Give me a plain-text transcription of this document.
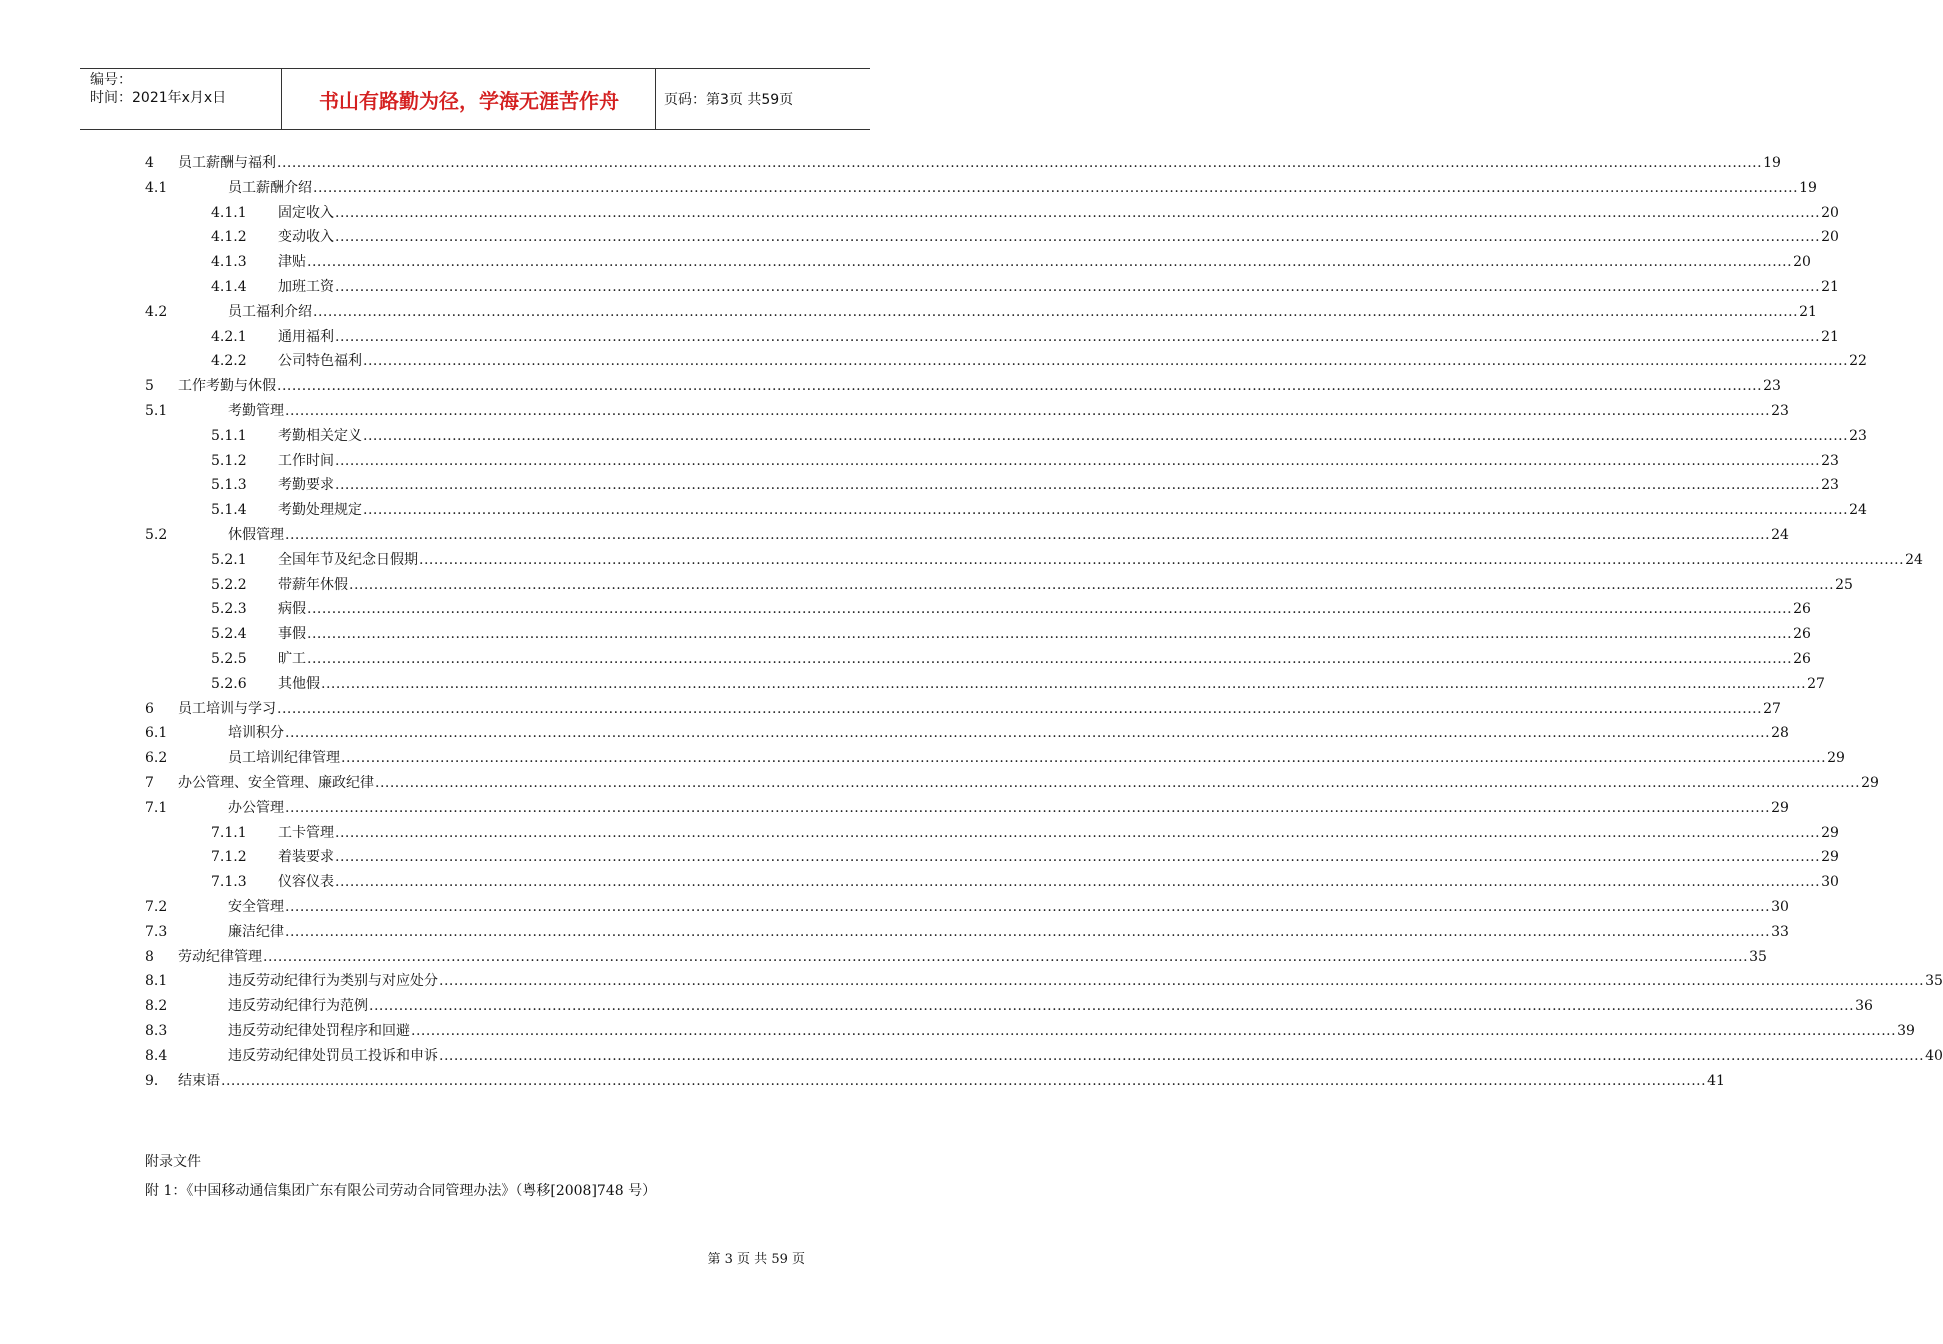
编号：
时间：2021年x月x日	书山有路勤为径，学海无涯苦作舟	页码：第3页 共59页
4 员工薪酬与福利 ............................................................................................................................................................................................................................................................................................................ 19
4.1	员工薪酬介绍 ............................................................................................................................................................................................................................................................................................................ 19
4.1.1 固定收入 ............................................................................................................................................................................................................................................................................................................ 20
4.1.2 变动收入 ............................................................................................................................................................................................................................................................................................................ 20
4.1.3 津贴 ............................................................................................................................................................................................................................................................................................................ 20
4.1.4 加班工资 ............................................................................................................................................................................................................................................................................................................ 21
4.2	员工福利介绍 ............................................................................................................................................................................................................................................................................................................ 21
4.2.1 通用福利 ............................................................................................................................................................................................................................................................................................................ 21
4.2.2 公司特色福利 ............................................................................................................................................................................................................................................................................................................ 22
5 工作考勤与休假 ............................................................................................................................................................................................................................................................................................................ 23
5.1	考勤管理 ............................................................................................................................................................................................................................................................................................................ 23
5.1.1 考勤相关定义 ............................................................................................................................................................................................................................................................................................................ 23
5.1.2 工作时间 ............................................................................................................................................................................................................................................................................................................ 23
5.1.3 考勤要求 ............................................................................................................................................................................................................................................................................................................ 23
5.1.4 考勤处理规定 ............................................................................................................................................................................................................................................................................................................ 24
5.2	休假管理 ............................................................................................................................................................................................................................................................................................................ 24
5.2.1 全国年节及纪念日假期 ............................................................................................................................................................................................................................................................................................................ 24
5.2.2 带薪年休假 ............................................................................................................................................................................................................................................................................................................ 25
5.2.3 病假 ............................................................................................................................................................................................................................................................................................................ 26
5.2.4 事假 ............................................................................................................................................................................................................................................................................................................ 26
5.2.5 旷工 ............................................................................................................................................................................................................................................................................................................ 26
5.2.6 其他假 ............................................................................................................................................................................................................................................................................................................ 27
6 员工培训与学习 ............................................................................................................................................................................................................................................................................................................ 27
6.1	培训积分 ............................................................................................................................................................................................................................................................................................................ 28
6.2	员工培训纪律管理 ............................................................................................................................................................................................................................................................................................................ 29
7 办公管理、安全管理、廉政纪律 ............................................................................................................................................................................................................................................................................................................ 29
7.1	办公管理 ............................................................................................................................................................................................................................................................................................................ 29
7.1.1 工卡管理 ............................................................................................................................................................................................................................................................................................................ 29
7.1.2 着装要求 ............................................................................................................................................................................................................................................................................................................ 29
7.1.3 仪容仪表 ............................................................................................................................................................................................................................................................................................................ 30
7.2	安全管理 ............................................................................................................................................................................................................................................................................................................ 30
7.3	廉洁纪律 ............................................................................................................................................................................................................................................................................................................ 33
8 劳动纪律管理 ............................................................................................................................................................................................................................................................................................................ 35
8.1	违反劳动纪律行为类别与对应处分 ............................................................................................................................................................................................................................................................................................................ 35
8.2	违反劳动纪律行为范例 ............................................................................................................................................................................................................................................................................................................ 36
8.3	违反劳动纪律处罚程序和回避 ............................................................................................................................................................................................................................................................................................................ 39
8.4	违反劳动纪律处罚员工投诉和申诉 ............................................................................................................................................................................................................................................................................................................ 40
9． 结束语 ............................................................................................................................................................................................................................................................................................................ 41
附录文件
附 1：《中国移动通信集团广东有限公司劳动合同管理办法》（粤移[2008]748 号）
第 3 页 共 59 页
